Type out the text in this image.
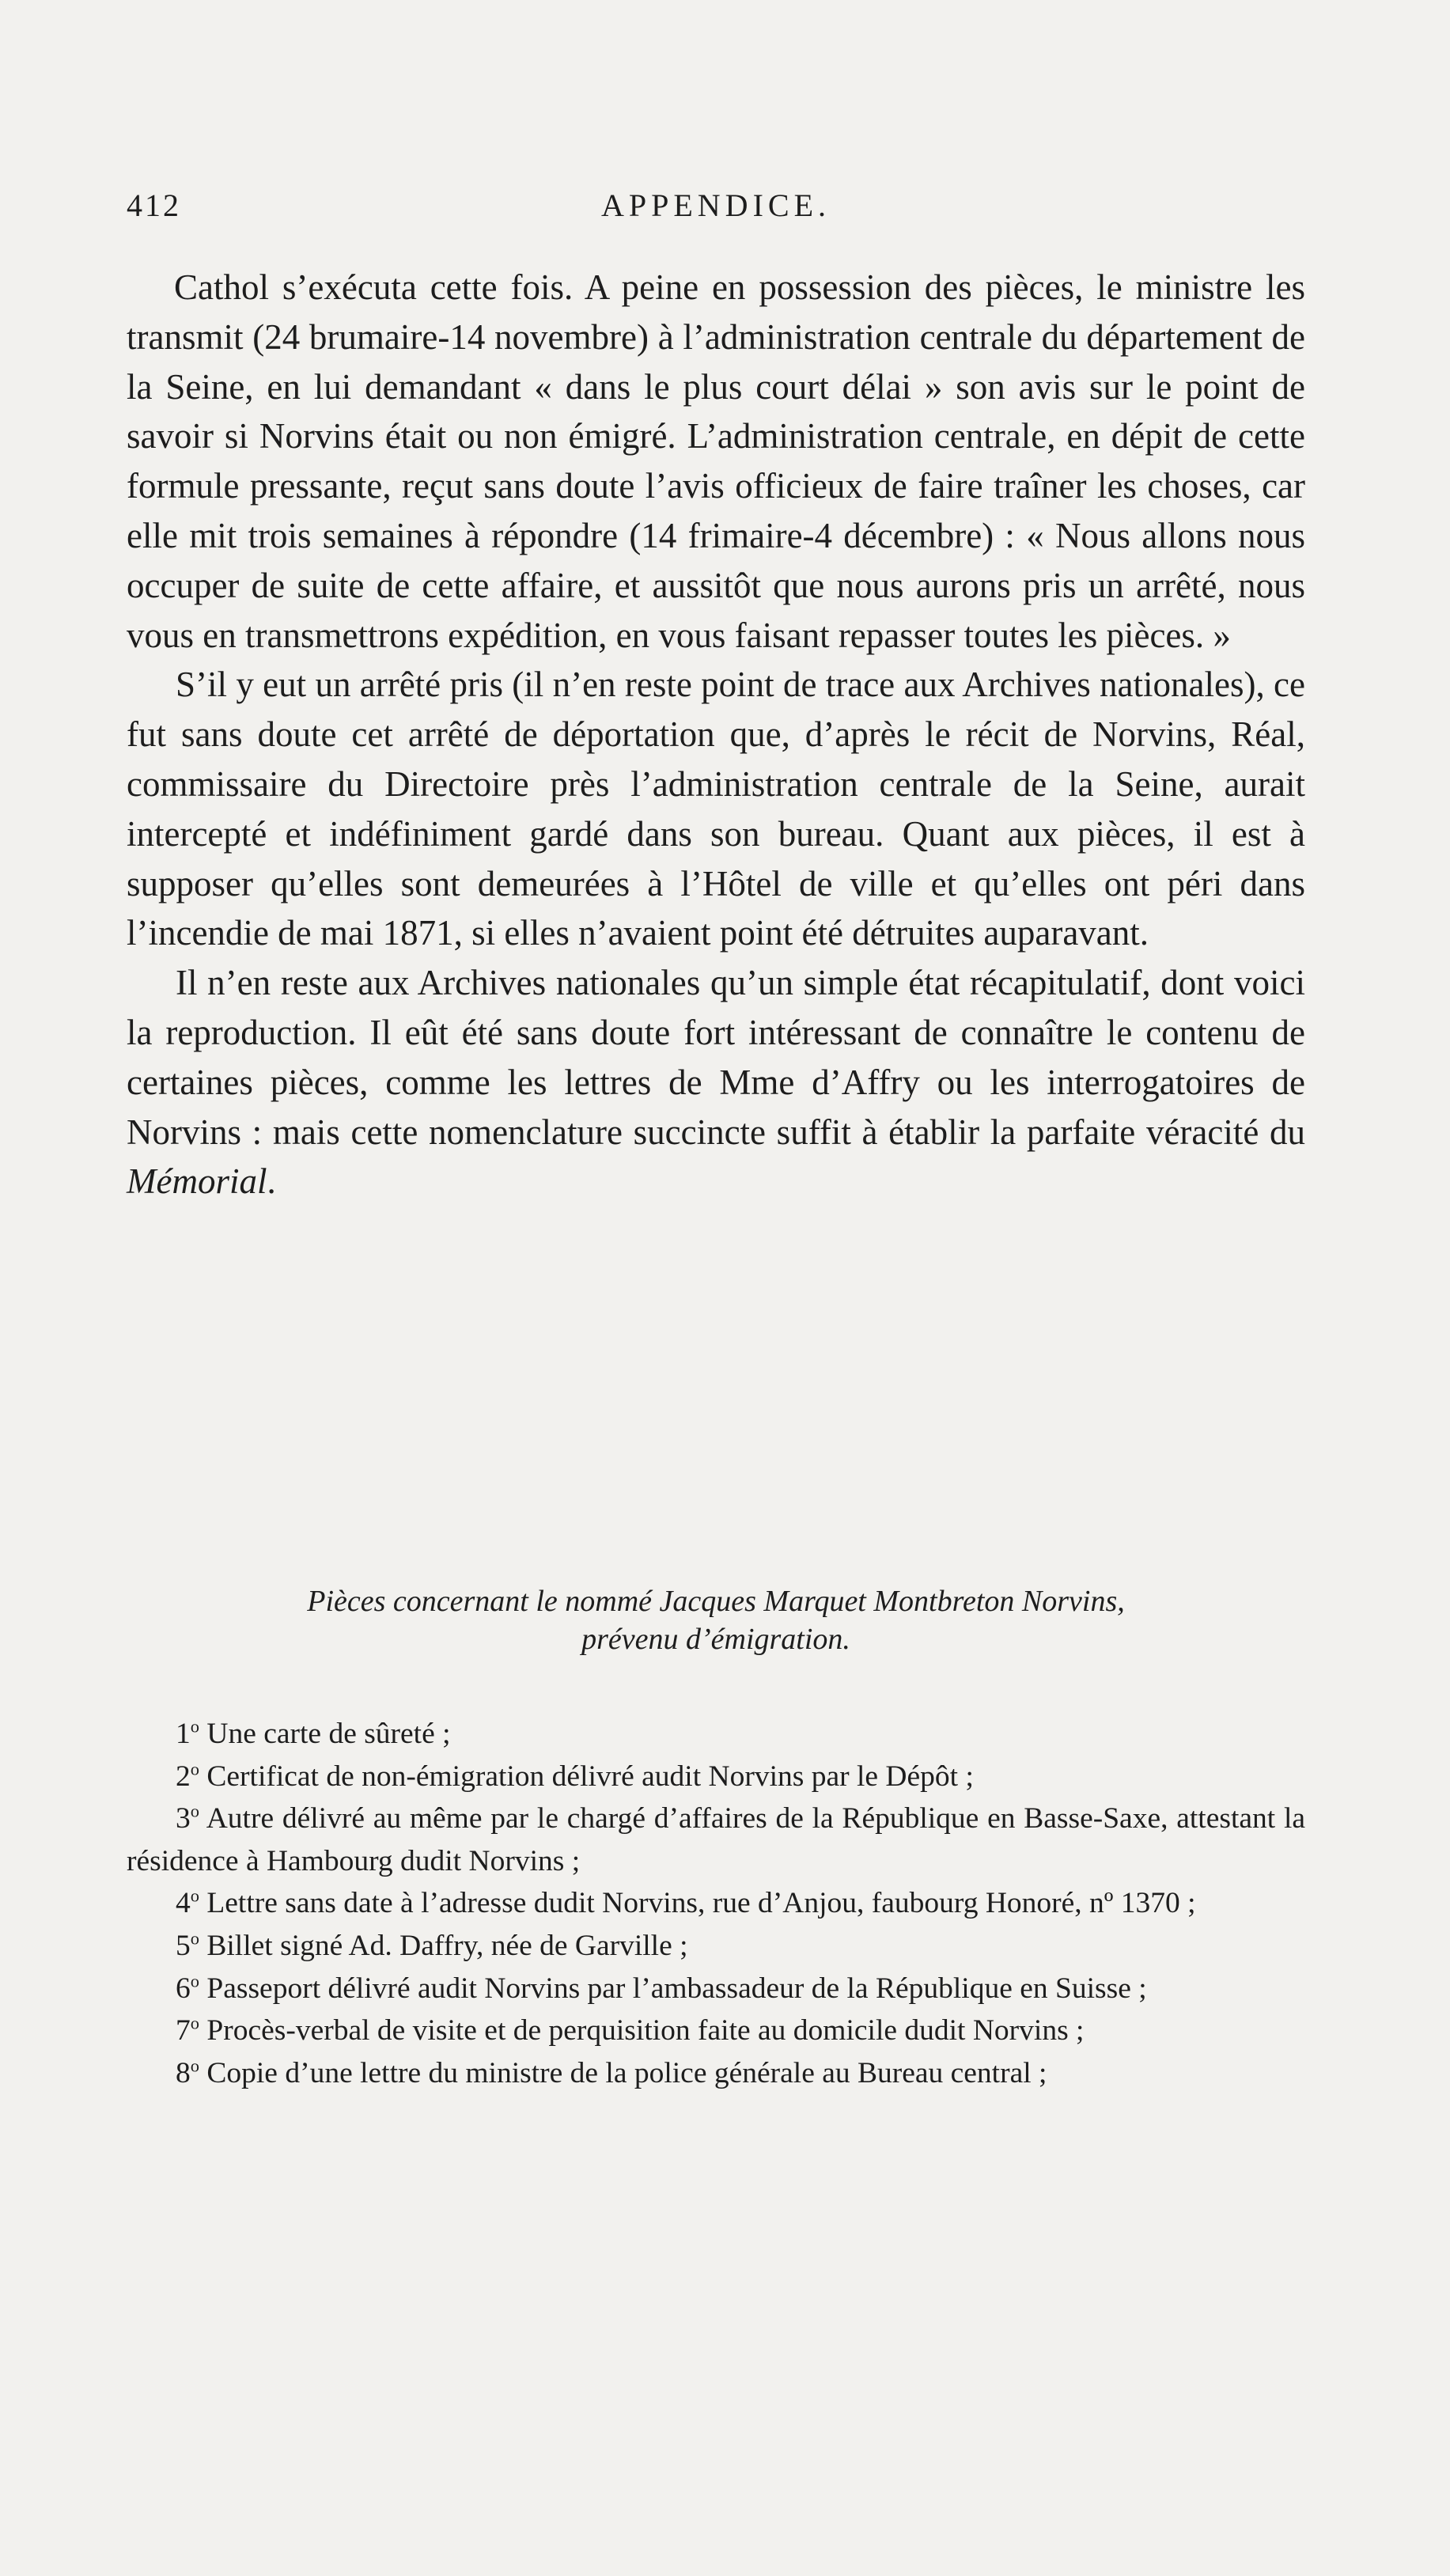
412	APPENDICE.

Cathol s’exécuta cette fois. A peine en possession des pièces, le ministre les transmit (24 brumaire-14 novembre) à l’administration centrale du département de la Seine, en lui demandant « dans le plus court délai » son avis sur le point de savoir si Norvins était ou non émigré. L’administration centrale, en dépit de cette formule pressante, reçut sans doute l’avis officieux de faire traîner les choses, car elle mit trois semaines à répondre (14 frimaire-4 décembre) : « Nous allons nous occuper de suite de cette affaire, et aussitôt que nous aurons pris un arrêté, nous vous en transmettrons expédition, en vous faisant repasser toutes les pièces. »

S’il y eut un arrêté pris (il n’en reste point de trace aux Archives nationales), ce fut sans doute cet arrêté de déportation que, d’après le récit de Norvins, Réal, commissaire du Directoire près l’administration centrale de la Seine, aurait intercepté et indéfiniment gardé dans son bureau. Quant aux pièces, il est à supposer qu’elles sont demeurées à l’Hôtel de ville et qu’elles ont péri dans l’incendie de mai 1871, si elles n’avaient point été détruites auparavant.

Il n’en reste aux Archives nationales qu’un simple état récapitulatif, dont voici la reproduction. Il eût été sans doute fort intéressant de connaître le contenu de certaines pièces, comme les lettres de Mme d’Affry ou les interrogatoires de Norvins : mais cette nomenclature succincte suffit à établir la parfaite véracité du Mémorial.

Pièces concernant le nommé Jacques Marquet Montbreton Norvins,
prévenu d’émigration.
1$^o$ Une carte de sûreté ;
2$^o$ Certificat de non-émigration délivré audit Norvins par le Dépôt ;
3$^o$ Autre délivré au même par le chargé d’affaires de la République en Basse-Saxe, attestant la résidence à Hambourg dudit Norvins ;
4$^o$ Lettre sans date à l’adresse dudit Norvins, rue d’Anjou, faubourg Honoré, nº 1370 ;
5$^o$ Billet signé Ad. Daffry, née de Garville ;
6$^o$ Passeport délivré audit Norvins par l’ambassadeur de la République en Suisse ;
7$^o$ Procès-verbal de visite et de perquisition faite au domicile dudit Norvins ;
8$^o$ Copie d’une lettre du ministre de la police générale au Bureau central ;
